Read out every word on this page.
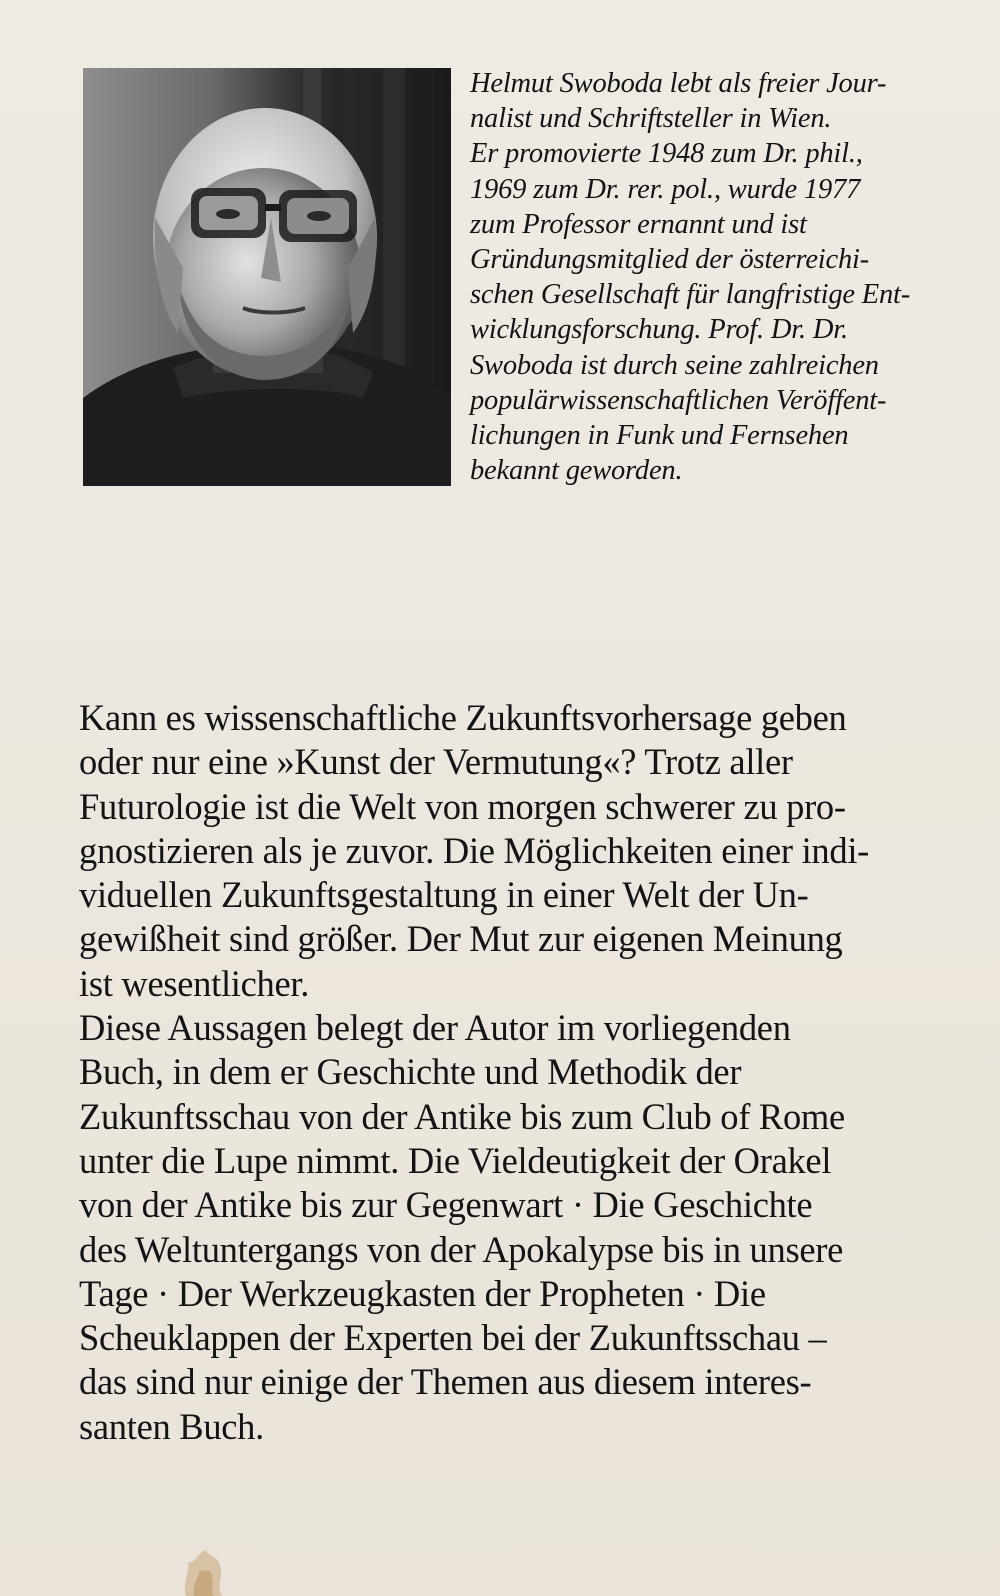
Helmut Swoboda lebt als freier Jour-
nalist und Schriftsteller in Wien.
Er promovierte 1948 zum Dr. phil.,
1969 zum Dr. rer. pol., wurde 1977
zum Professor ernannt und ist
Gründungsmitglied der österreichi-
schen Gesellschaft für langfristige Ent-
wicklungsforschung. Prof. Dr. Dr.
Swoboda ist durch seine zahlreichen
populärwissenschaftlichen Veröffent-
lichungen in Funk und Fernsehen
bekannt geworden.

Kann es wissenschaftliche Zukunftsvorhersage geben
oder nur eine »Kunst der Vermutung«? Trotz aller
Futurologie ist die Welt von morgen schwerer zu pro-
gnostizieren als je zuvor. Die Möglichkeiten einer indi-
viduellen Zukunftsgestaltung in einer Welt der Un-
gewißheit sind größer. Der Mut zur eigenen Meinung
ist wesentlicher.
Diese Aussagen belegt der Autor im vorliegenden
Buch, in dem er Geschichte und Methodik der
Zukunftsschau von der Antike bis zum Club of Rome
unter die Lupe nimmt. Die Vieldeutigkeit der Orakel
von der Antike bis zur Gegenwart · Die Geschichte
des Weltuntergangs von der Apokalypse bis in unsere
Tage · Der Werkzeugkasten der Propheten · Die
Scheuklappen der Experten bei der Zukunftsschau –
das sind nur einige der Themen aus diesem interes-
santen Buch.
